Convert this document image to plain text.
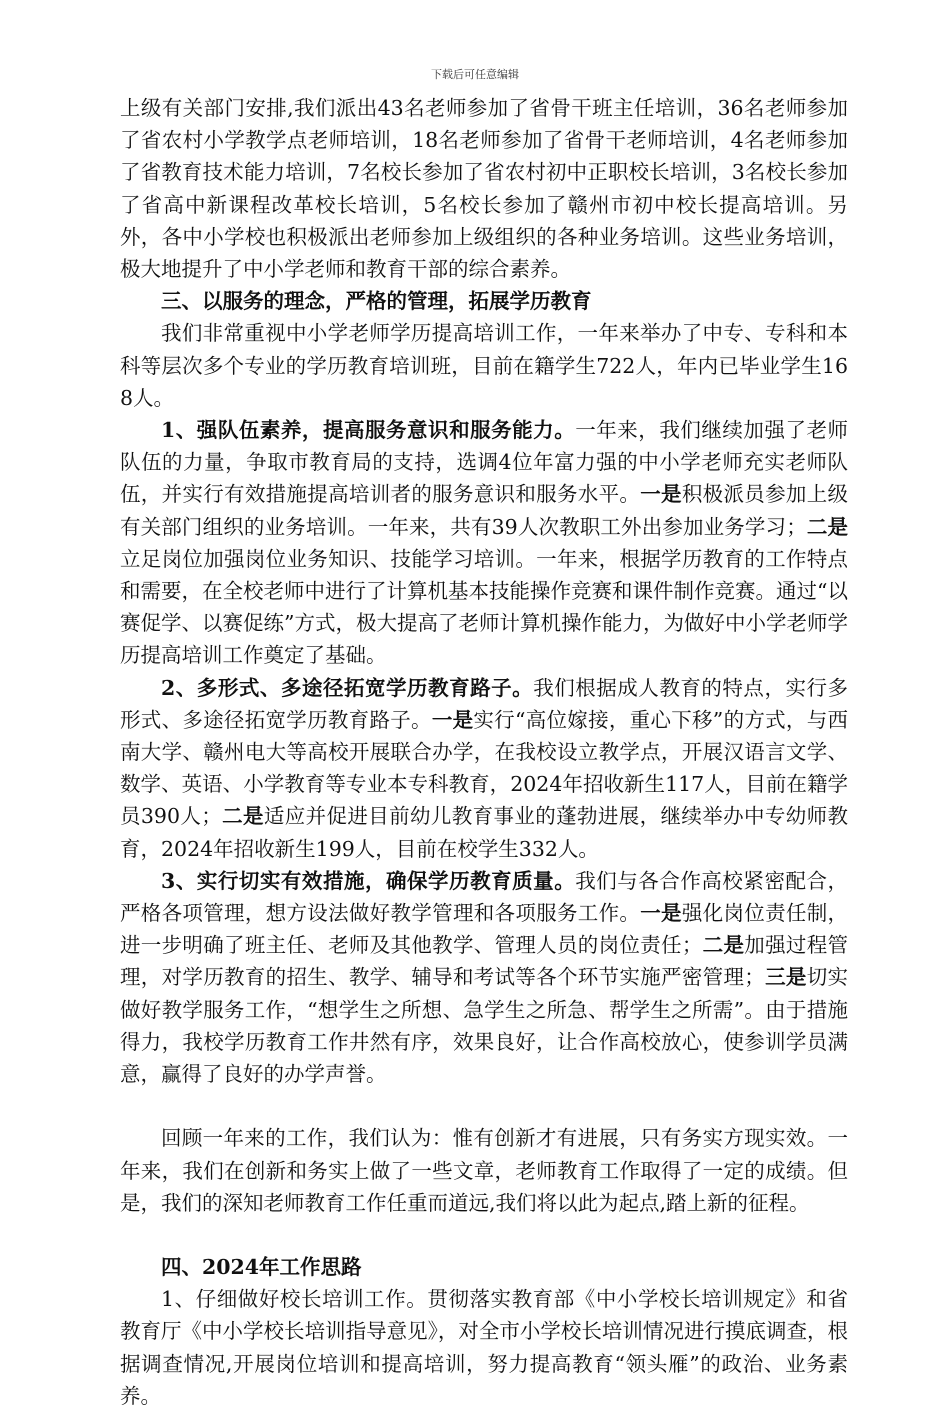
下载后可任意编辑

上级有关部门安排,我们派出43名老师参加了省骨干班主任培训，36名老师参加了省农村小学教学点老师培训，18名老师参加了省骨干老师培训，4名老师参加了省教育技术能力培训，7名校长参加了省农村初中正职校长培训，3名校长参加了省高中新课程改革校长培训，5名校长参加了赣州市初中校长提高培训。另外，各中小学校也积极派出老师参加上级组织的各种业务培训。这些业务培训，极大地提升了中小学老师和教育干部的综合素养。

三、以服务的理念，严格的管理，拓展学历教育

我们非常重视中小学老师学历提高培训工作，一年来举办了中专、专科和本科等层次多个专业的学历教育培训班，目前在籍学生722人，年内已毕业学生168人。

1、强队伍素养，提高服务意识和服务能力。一年来，我们继续加强了老师队伍的力量，争取市教育局的支持，选调4位年富力强的中小学老师充实老师队伍，并实行有效措施提高培训者的服务意识和服务水平。一是积极派员参加上级有关部门组织的业务培训。一年来，共有39人次教职工外出参加业务学习；二是立足岗位加强岗位业务知识、技能学习培训。一年来，根据学历教育的工作特点和需要，在全校老师中进行了计算机基本技能操作竞赛和课件制作竞赛。通过“以赛促学、以赛促练”方式，极大提高了老师计算机操作能力，为做好中小学老师学历提高培训工作奠定了基础。

2、多形式、多途径拓宽学历教育路子。我们根据成人教育的特点，实行多形式、多途径拓宽学历教育路子。一是实行“高位嫁接，重心下移”的方式，与西南大学、赣州电大等高校开展联合办学，在我校设立教学点，开展汉语言文学、数学、英语、小学教育等专业本专科教育，2024年招收新生117人，目前在籍学员390人；二是适应并促进目前幼儿教育事业的蓬勃进展，继续举办中专幼师教育，2024年招收新生199人，目前在校学生332人。

3、实行切实有效措施，确保学历教育质量。我们与各合作高校紧密配合，严格各项管理，想方设法做好教学管理和各项服务工作。一是强化岗位责任制，进一步明确了班主任、老师及其他教学、管理人员的岗位责任；二是加强过程管理，对学历教育的招生、教学、辅导和考试等各个环节实施严密管理；三是切实做好教学服务工作，“想学生之所想、急学生之所急、帮学生之所需”。由于措施得力，我校学历教育工作井然有序，效果良好，让合作高校放心，使参训学员满意，赢得了良好的办学声誉。

回顾一年来的工作，我们认为：惟有创新才有进展，只有务实方现实效。一年来，我们在创新和务实上做了一些文章，老师教育工作取得了一定的成绩。但是，我们的深知老师教育工作任重而道远,我们将以此为起点,踏上新的征程。

四、2024年工作思路

1、仔细做好校长培训工作。贯彻落实教育部《中小学校长培训规定》和省教育厅《中小学校长培训指导意见》，对全市小学校长培训情况进行摸底调查，根据调查情况,开展岗位培训和提高培训，努力提高教育“领头雁”的政治、业务素养。
